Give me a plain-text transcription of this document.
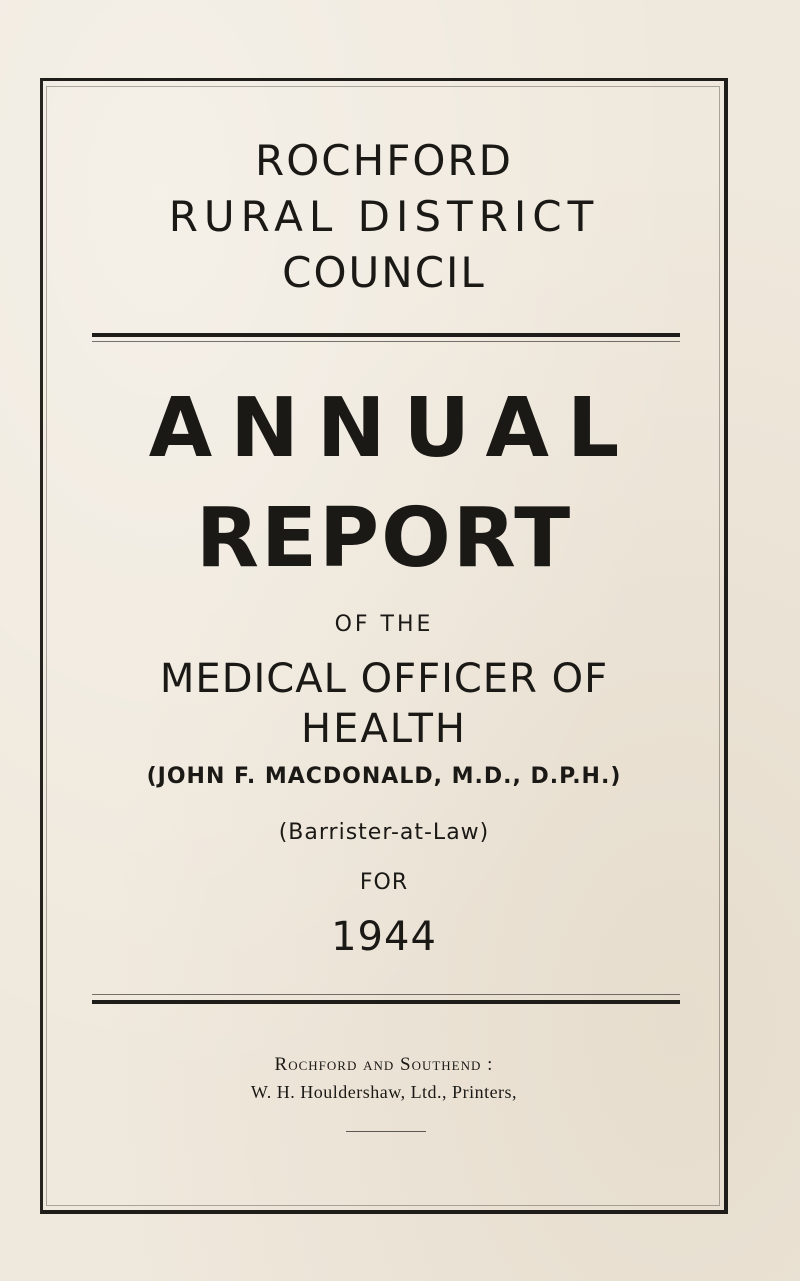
ROCHFORD

RURAL DISTRICT

COUNCIL

ANNUAL

REPORT

OF THE

MEDICAL OFFICER OF

HEALTH

(JOHN F. MACDONALD, M.D., D.P.H.)

(Barrister-at-Law)

FOR

1944

Rochford and Southend :

W. H. Houldershaw, Ltd., Printers,
